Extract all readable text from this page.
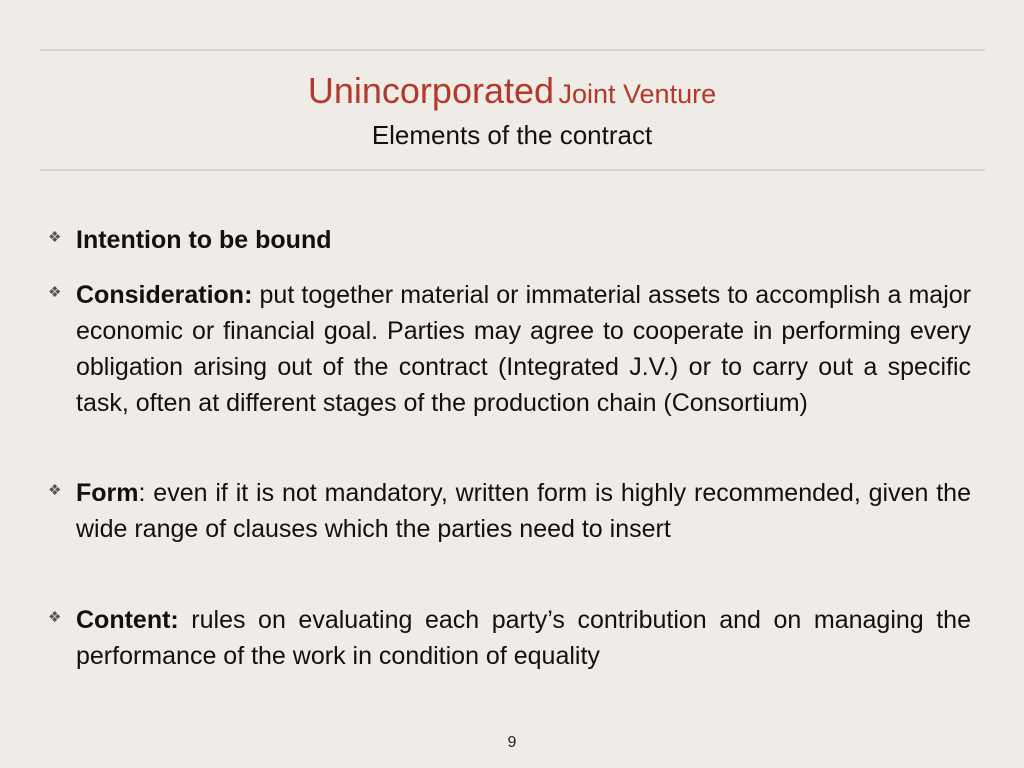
Unincorporated Joint Venture
Elements of the contract
❖ Intention to be bound
❖ Consideration: put together material or immaterial assets to accomplish a major economic or financial goal. Parties may agree to cooperate in performing every obligation arising out of the contract (Integrated J.V.) or to carry out a specific task, often at different stages of the production chain (Consortium)
❖ Form: even if it is not mandatory, written form is highly recommended, given the wide range of clauses which the parties need to insert
❖ Content: rules on evaluating each party’s contribution and on managing the performance of the work in condition of equality
9
